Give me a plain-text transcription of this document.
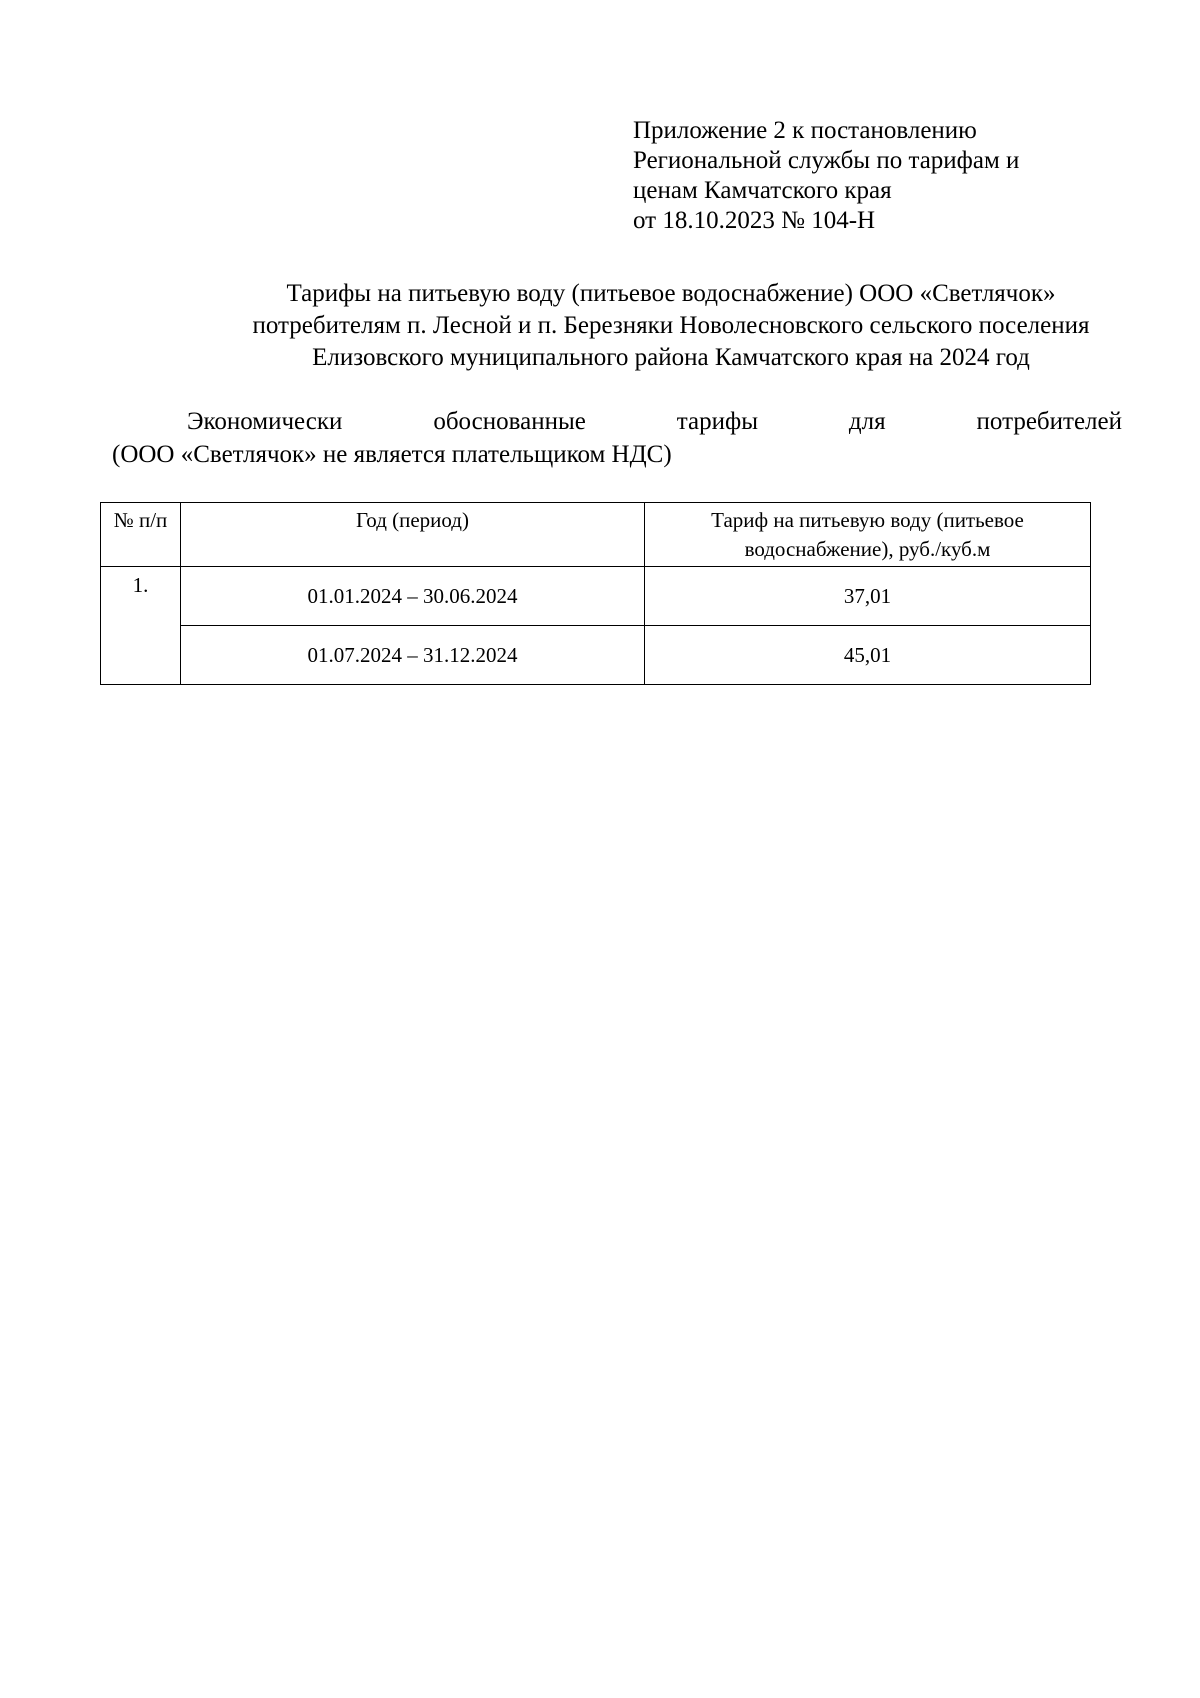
Приложение 2 к постановлению
Региональной службы по тарифам и
ценам Камчатского края
от 18.10.2023 № 104-Н
Тарифы на питьевую воду (питьевое водоснабжение) ООО «Светлячок»
потребителям п. Лесной и п. Березняки Новолесновского сельского поселения
Елизовского муниципального района Камчатского края на 2024 год
Экономически	обоснованные	тарифы	для	потребителей
(ООО «Светлячок» не является плательщиком НДС)
№ п/п	Год (период)	Тариф на питьевую воду (питьевое водоснабжение), руб./куб.м
1.	01.01.2024 – 30.06.2024	37,01
	01.07.2024 – 31.12.2024	45,01
